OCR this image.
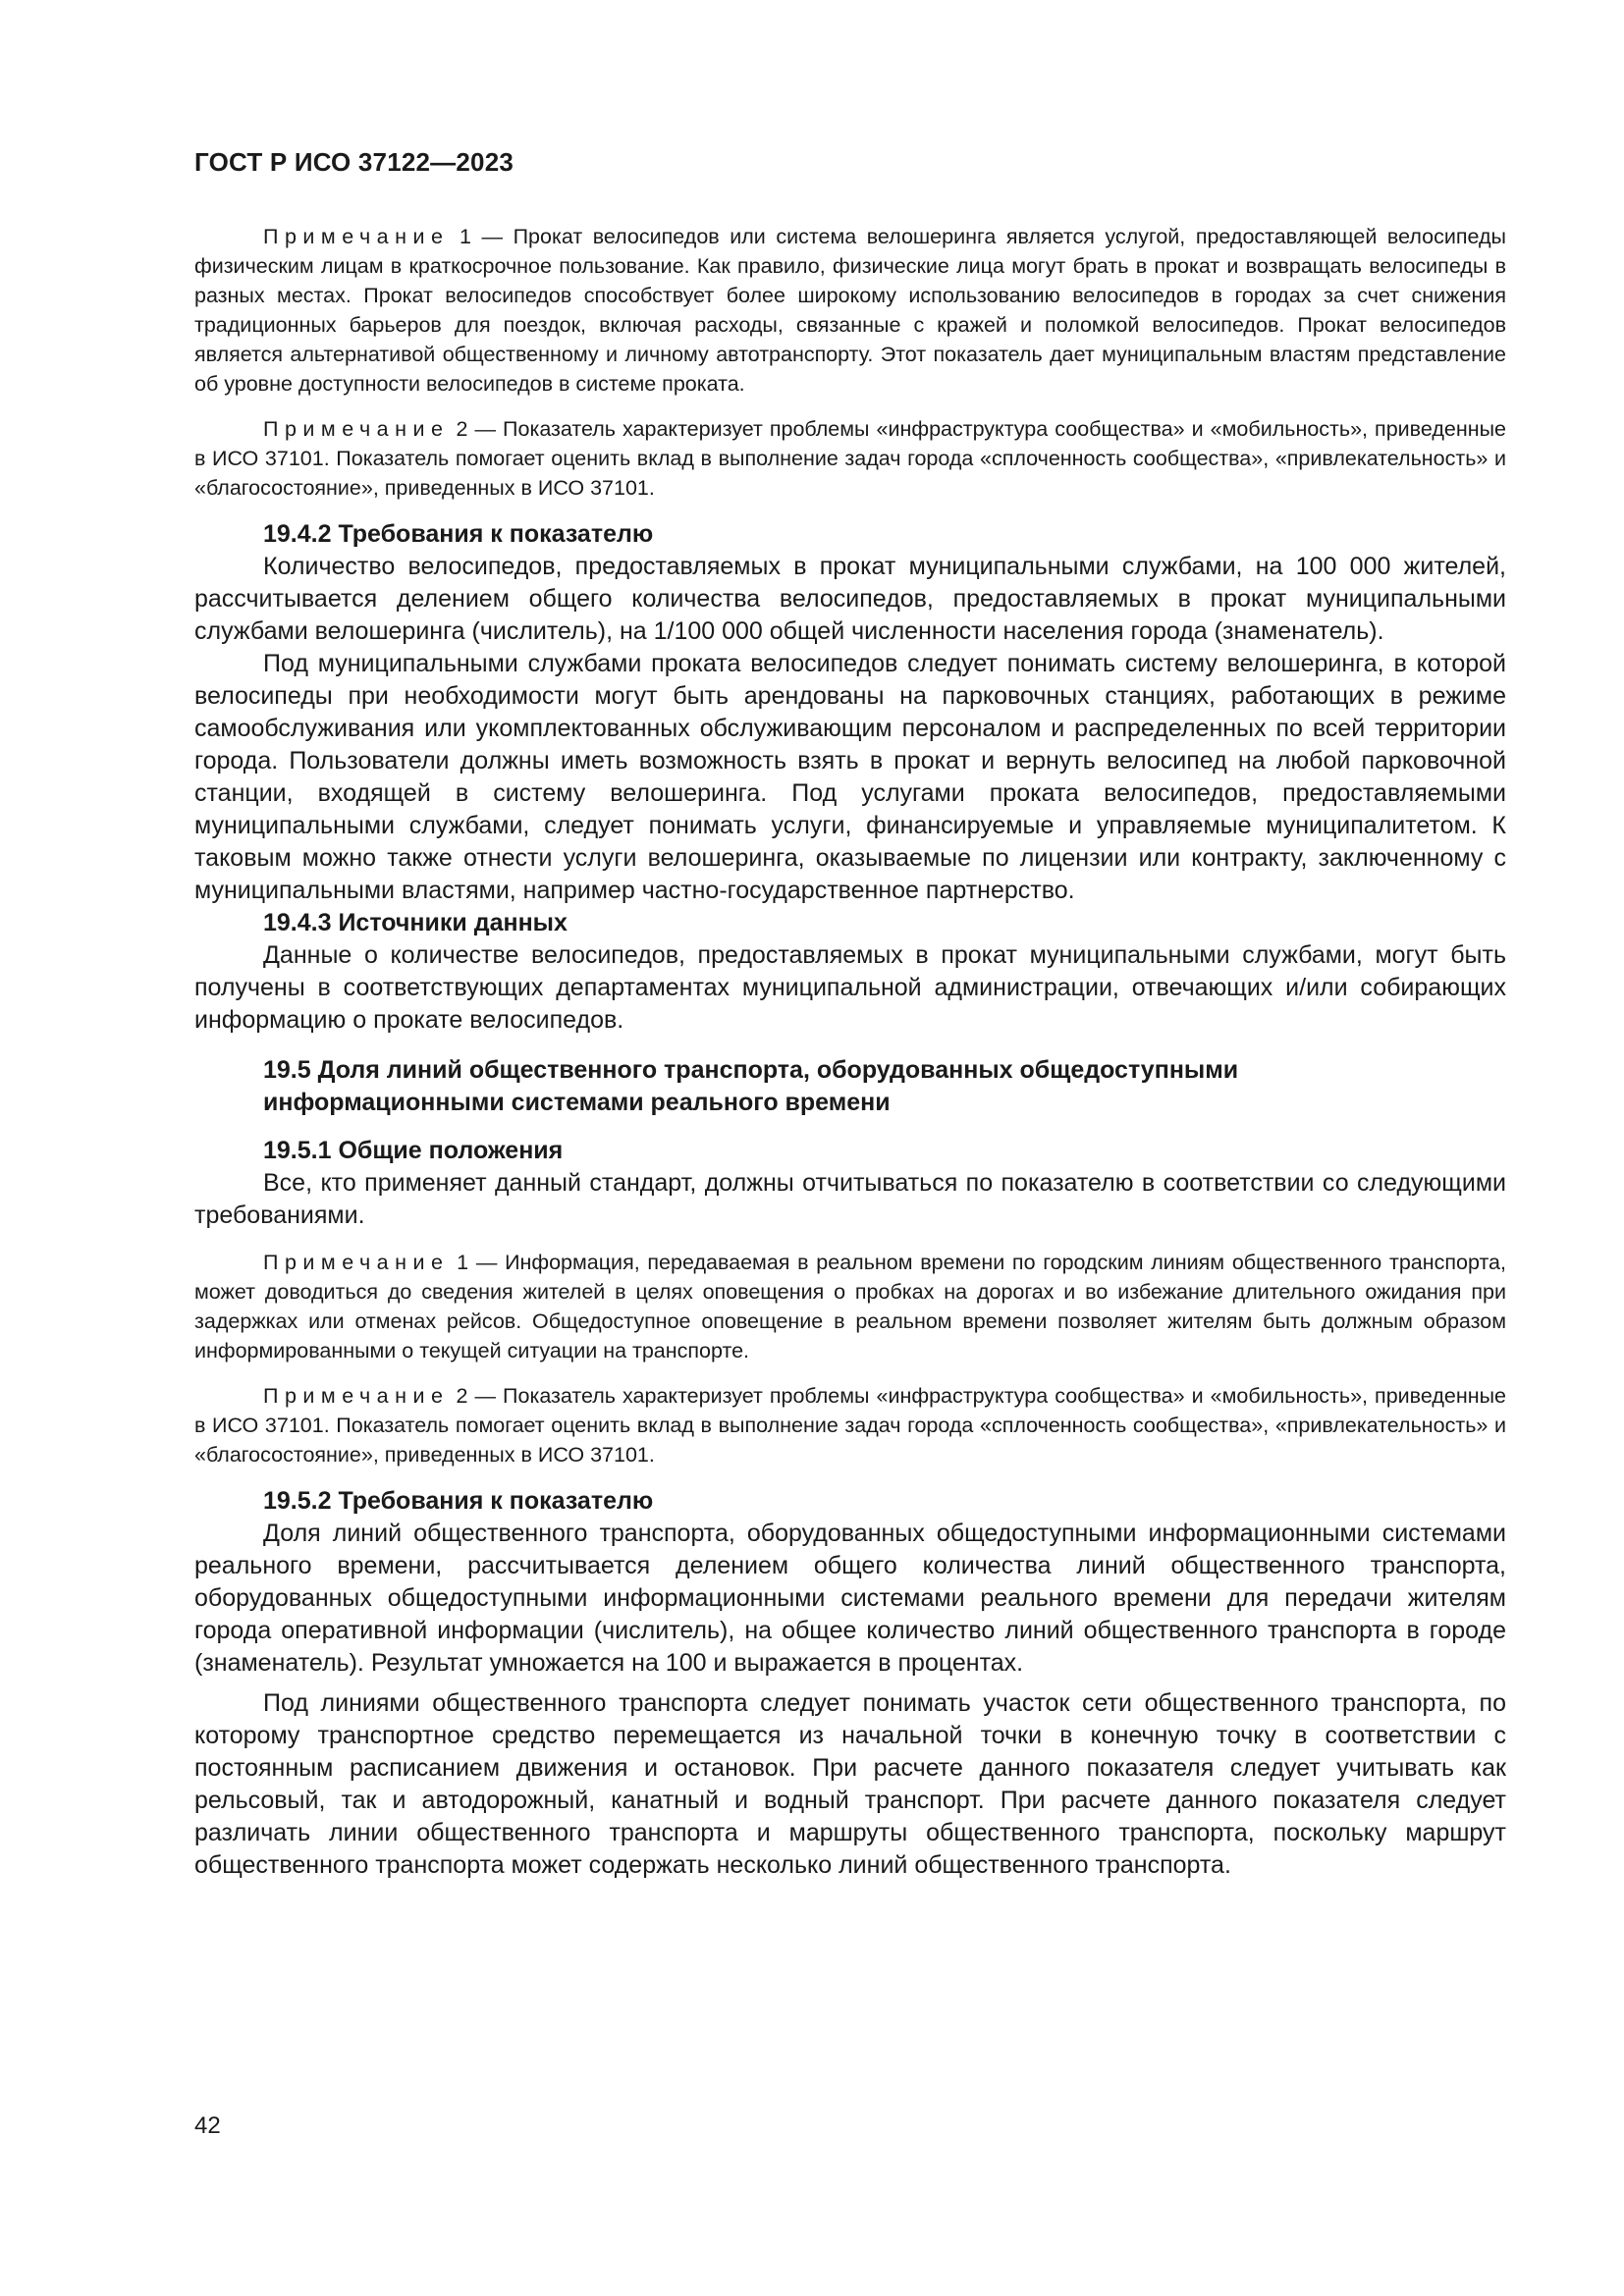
ГОСТ Р ИСО 37122—2023

Примечание 1 — Прокат велосипедов или система велошеринга является услугой, предоставляющей велосипеды физическим лицам в краткосрочное пользование. Как правило, физические лица могут брать в прокат и возвращать велосипеды в разных местах. Прокат велосипедов способствует более широкому использованию велосипедов в городах за счет снижения традиционных барьеров для поездок, включая расходы, связанные с кражей и поломкой велосипедов. Прокат велосипедов является альтернативой общественному и личному автотранспорту. Этот показатель дает муниципальным властям представление об уровне доступности велосипедов в системе проката.

Примечание 2 — Показатель характеризует проблемы «инфраструктура сообщества» и «мобильность», приведенные в ИСО 37101. Показатель помогает оценить вклад в выполнение задач города «сплоченность сообщества», «привлекательность» и «благосостояние», приведенных в ИСО 37101.

19.4.2 Требования к показателю

Количество велосипедов, предоставляемых в прокат муниципальными службами, на 100 000 жителей, рассчитывается делением общего количества велосипедов, предоставляемых в прокат муниципальными службами велошеринга (числитель), на 1/100 000 общей численности населения города (знаменатель).

Под муниципальными службами проката велосипедов следует понимать систему велошеринга, в которой велосипеды при необходимости могут быть арендованы на парковочных станциях, работающих в режиме самообслуживания или укомплектованных обслуживающим персоналом и распределенных по всей территории города. Пользователи должны иметь возможность взять в прокат и вернуть велосипед на любой парковочной станции, входящей в систему велошеринга. Под услугами проката велосипедов, предоставляемыми муниципальными службами, следует понимать услуги, финансируемые и управляемые муниципалитетом. К таковым можно также отнести услуги велошеринга, оказываемые по лицензии или контракту, заключенному с муниципальными властями, например частно-государственное партнерство.

19.4.3 Источники данных

Данные о количестве велосипедов, предоставляемых в прокат муниципальными службами, могут быть получены в соответствующих департаментах муниципальной администрации, отвечающих и/или собирающих информацию о прокате велосипедов.

19.5 Доля линий общественного транспорта, оборудованных общедоступными
информационными системами реального времени

19.5.1 Общие положения

Все, кто применяет данный стандарт, должны отчитываться по показателю в соответствии со следующими требованиями.

Примечание 1 — Информация, передаваемая в реальном времени по городским линиям общественного транспорта, может доводиться до сведения жителей в целях оповещения о пробках на дорогах и во избежание длительного ожидания при задержках или отменах рейсов. Общедоступное оповещение в реальном времени позволяет жителям быть должным образом информированными о текущей ситуации на транспорте.

Примечание 2 — Показатель характеризует проблемы «инфраструктура сообщества» и «мобильность», приведенные в ИСО 37101. Показатель помогает оценить вклад в выполнение задач города «сплоченность сообщества», «привлекательность» и «благосостояние», приведенных в ИСО 37101.

19.5.2 Требования к показателю

Доля линий общественного транспорта, оборудованных общедоступными информационными системами реального времени, рассчитывается делением общего количества линий общественного транспорта, оборудованных общедоступными информационными системами реального времени для передачи жителям города оперативной информации (числитель), на общее количество линий общественного транспорта в городе (знаменатель). Результат умножается на 100 и выражается в процентах.

Под линиями общественного транспорта следует понимать участок сети общественного транспорта, по которому транспортное средство перемещается из начальной точки в конечную точку в соответствии с постоянным расписанием движения и остановок. При расчете данного показателя следует учитывать как рельсовый, так и автодорожный, канатный и водный транспорт. При расчете данного показателя следует различать линии общественного транспорта и маршруты общественного транспорта, поскольку маршрут общественного транспорта может содержать несколько линий общественного транспорта.

42
